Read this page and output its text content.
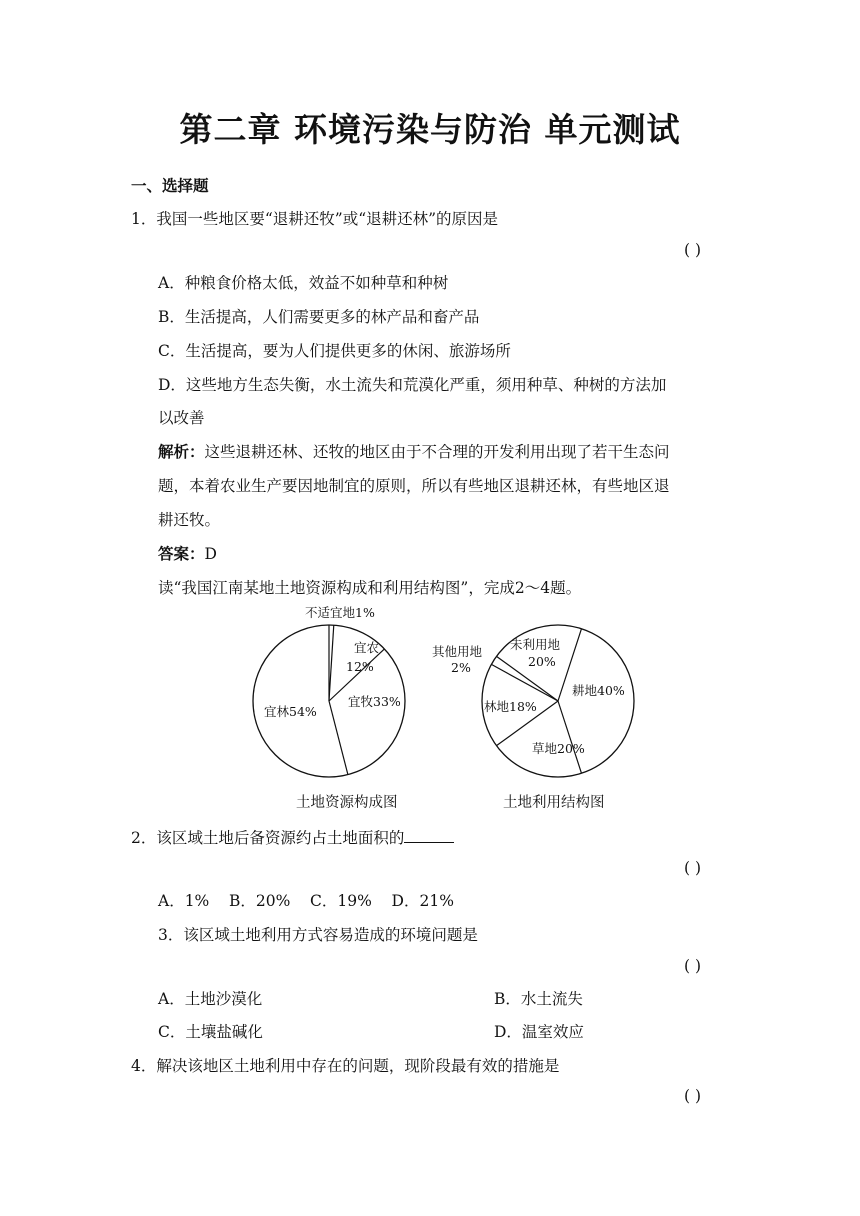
第二章 环境污染与防治 单元测试
一、选择题
1．我国一些地区要“退耕还牧”或“退耕还林”的原因是
( )
A．种粮食价格太低，效益不如种草和种树
B．生活提高，人们需要更多的林产品和畜产品
C．生活提高，要为人们提供更多的休闲、旅游场所
D．这些地方生态失衡，水土流失和荒漠化严重，须用种草、种树的方法加
以改善
解析：这些退耕还林、还牧的地区由于不合理的开发利用出现了若干生态问
题，本着农业生产要因地制宜的原则，所以有些地区退耕还林，有些地区退
耕还牧。
答案：D
读“我国江南某地土地资源构成和利用结构图”，完成2～4题。
不适宜地1%
宜农
12%
宜牧33%
宜林54%
耕地40%
草地20%
林地18%
其他用地
2%
未利用地
20%
土地资源构成图	土地利用结构图
2．该区域土地后备资源约占土地面积的
( )
A．1%    B．20%    C．19%    D．21%
3．该区域土地利用方式容易造成的环境问题是
( )
A．土地沙漠化	B．水土流失
C．土壤盐碱化	D．温室效应
4．解决该地区土地利用中存在的问题，现阶段最有效的措施是
( )
